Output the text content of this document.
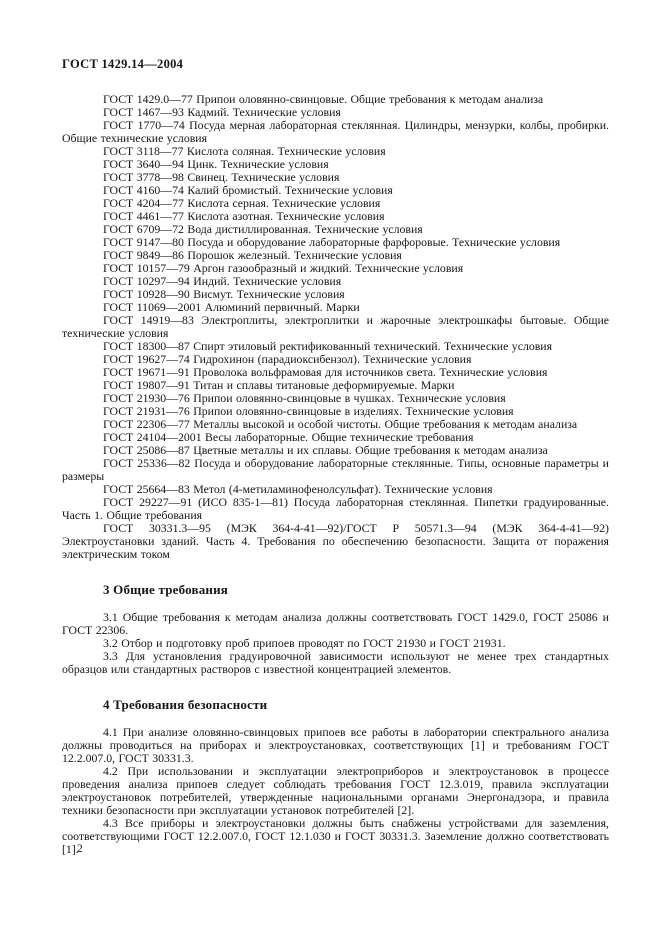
ГОСТ 1429.14—2004

ГОСТ 1429.0—77 Припои оловянно-свинцовые. Общие требования к методам анализа

ГОСТ 1467—93 Кадмий. Технические условия

ГОСТ 1770—74 Посуда мерная лабораторная стеклянная. Цилиндры, мензурки, колбы, пробирки. Общие технические условия

ГОСТ 3118—77 Кислота соляная. Технические условия

ГОСТ 3640—94 Цинк. Технические условия

ГОСТ 3778—98 Свинец. Технические условия

ГОСТ 4160—74 Калий бромистый. Технические условия

ГОСТ 4204—77 Кислота серная. Технические условия

ГОСТ 4461—77 Кислота азотная. Технические условия

ГОСТ 6709—72 Вода дистиллированная. Технические условия

ГОСТ 9147—80 Посуда и оборудование лабораторные фарфоровые. Технические условия

ГОСТ 9849—86 Порошок железный. Технические условия

ГОСТ 10157—79 Аргон газообразный и жидкий. Технические условия

ГОСТ 10297—94 Индий. Технические условия

ГОСТ 10928—90 Висмут. Технические условия

ГОСТ 11069—2001 Алюминий первичный. Марки

ГОСТ 14919—83 Электроплиты, электроплитки и жарочные электрошкафы бытовые. Общие технические условия

ГОСТ 18300—87 Спирт этиловый ректификованный технический. Технические условия

ГОСТ 19627—74 Гидрохинон (парадиоксибензол). Технические условия

ГОСТ 19671—91 Проволока вольфрамовая для источников света. Технические условия

ГОСТ 19807—91 Титан и сплавы титановые деформируемые. Марки

ГОСТ 21930—76 Припои оловянно-свинцовые в чушках. Технические условия

ГОСТ 21931—76 Припои оловянно-свинцовые в изделиях. Технические условия

ГОСТ 22306—77 Металлы высокой и особой чистоты. Общие требования к методам анализа

ГОСТ 24104—2001 Весы лабораторные. Общие технические требования

ГОСТ 25086—87 Цветные металлы и их сплавы. Общие требования к методам анализа

ГОСТ 25336—82 Посуда и оборудование лабораторные стеклянные. Типы, основные параметры и размеры

ГОСТ 25664—83 Метол (4-метиламинофенолсульфат). Технические условия

ГОСТ 29227—91 (ИСО 835-1—81) Посуда лабораторная стеклянная. Пипетки градуированные. Часть 1. Общие требования

ГОСТ 30331.3—95 (МЭК 364-4-41—92)/ГОСТ Р 50571.3—94 (МЭК 364-4-41—92) Электроустановки зданий. Часть 4. Требования по обеспечению безопасности. Защита от поражения электрическим током

3 Общие требования

3.1 Общие требования к методам анализа должны соответствовать ГОСТ 1429.0, ГОСТ 25086 и ГОСТ 22306.

3.2 Отбор и подготовку проб припоев проводят по ГОСТ 21930 и ГОСТ 21931.

3.3 Для установления градуировочной зависимости используют не менее трех стандартных образцов или стандартных растворов с известной концентрацией элементов.

4 Требования безопасности

4.1 При анализе оловянно-свинцовых припоев все работы в лаборатории спектрального анализа должны проводиться на приборах и электроустановках, соответствующих [1] и требованиям ГОСТ 12.2.007.0, ГОСТ 30331.3.

4.2 При использовании и эксплуатации электроприборов и электроустановок в процессе проведения анализа припоев следует соблюдать требования ГОСТ 12.3.019, правила эксплуатации электроустановок потребителей, утвержденные национальными органами Энергонадзора, и правила техники безопасности при эксплуатации установок потребителей [2].

4.3 Все приборы и электроустановки должны быть снабжены устройствами для заземления, соответствующими ГОСТ 12.2.007.0, ГОСТ 12.1.030 и ГОСТ 30331.3. Заземление должно соответствовать [1].

2
